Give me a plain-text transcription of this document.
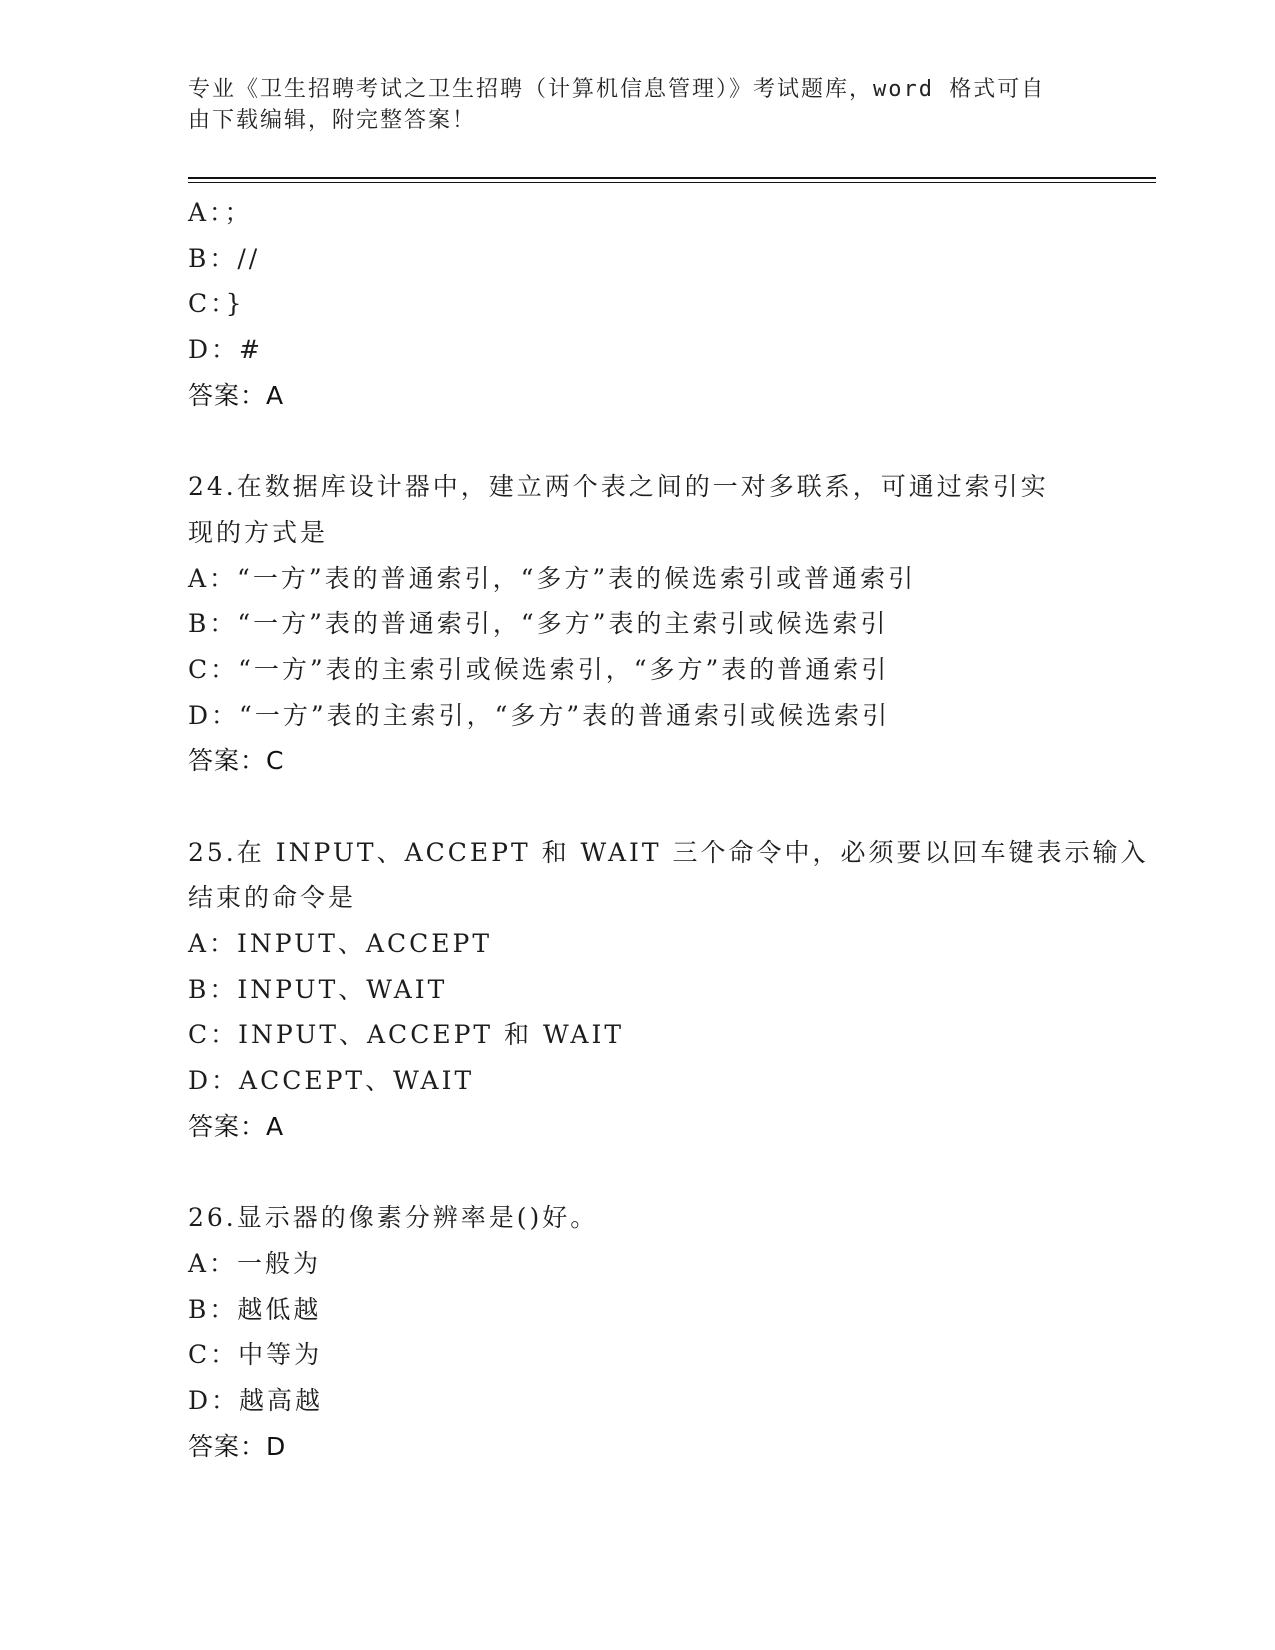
专业《卫生招聘考试之卫生招聘（计算机信息管理）》考试题库，word 格式可自由下载编辑，附完整答案！
A：；
B：//
C：}
D：#
答案：A
24.在数据库设计器中，建立两个表之间的一对多联系，可通过索引实
现的方式是
A：“一方”表的普通索引，“多方”表的候选索引或普通索引
B：“一方”表的普通索引，“多方”表的主索引或候选索引
C：“一方”表的主索引或候选索引，“多方”表的普通索引
D：“一方”表的主索引，“多方”表的普通索引或候选索引
答案：C
25.在 INPUT、ACCEPT 和 WAIT 三个命令中，必须要以回车键表示输入
结束的命令是
A：INPUT、ACCEPT
B：INPUT、WAIT
C：INPUT、ACCEPT 和 WAIT
D：ACCEPT、WAIT
答案：A
26.显示器的像素分辨率是()好。
A：一般为
B：越低越
C：中等为
D：越高越
答案：D
